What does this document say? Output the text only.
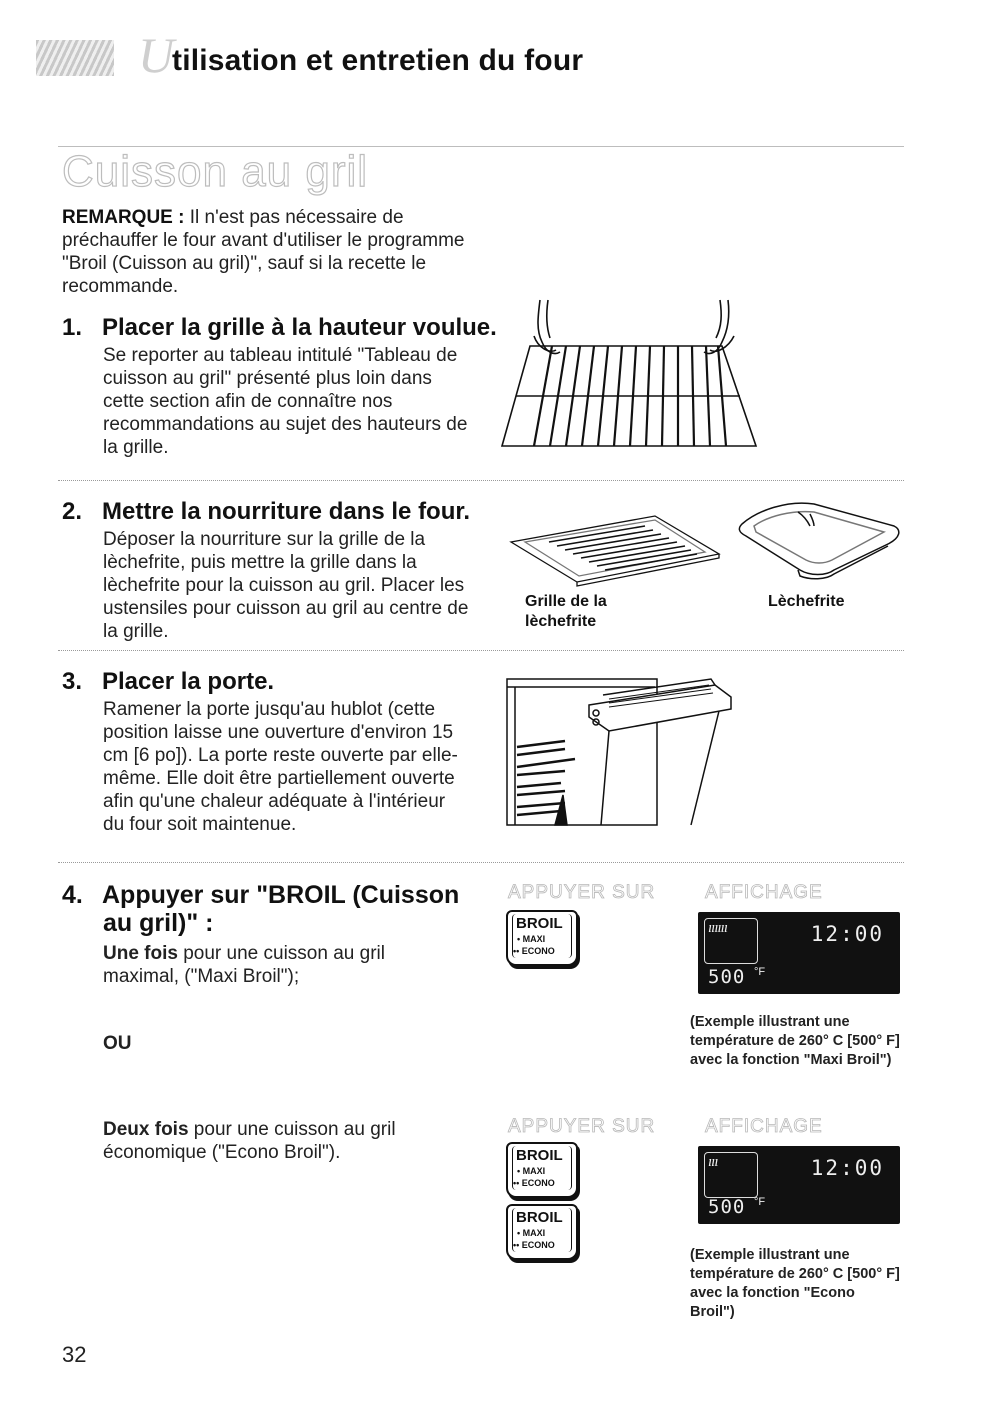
U
tilisation et entretien du four
Cuisson au gril
REMARQUE : Il n'est pas nécessaire de préchauffer le four avant d'utiliser le programme "Broil (Cuisson au gril)", sauf si la recette le recommande.
1. Placer la grille à la hauteur voulue.
Se reporter au tableau intitulé "Tableau de cuisson au gril" présenté plus loin dans cette section afin de connaître nos recommandations au sujet des hauteurs de la grille.
2. Mettre la nourriture dans le four.
Déposer la nourriture sur la grille de la lèchefrite, puis mettre la grille dans la lèchefrite pour la cuisson au gril. Placer les ustensiles pour cuisson au gril au centre de la grille.
Grille de la
lèchefrite
Lèchefrite
3. Placer la porte.
Ramener la porte jusqu'au hublot (cette position laisse une ouverture d'environ 15 cm [6 po]). La porte reste ouverte par elle-même. Elle doit être partiellement ouverte afin qu'une chaleur adéquate à l'intérieur du four soit maintenue.
4. Appuyer sur "BROIL (Cuisson
au gril)" :
Une fois pour une cuisson au gril maximal, ("Maxi Broil");
OU
Deux fois pour une cuisson au gril économique ("Econo Broil").
APPUYER SUR	AFFICHAGE
BROIL
• MAXI
•• ECONO
ıııııı	12:00
500 °F
(Exemple illustrant une température de 260° C [500° F] avec la fonction "Maxi Broil")
APPUYER SUR	AFFICHAGE
BROIL
• MAXI
•• ECONO
BROIL
• MAXI
•• ECONO
ııı	12:00
500 °F
(Exemple illustrant une température de 260° C [500° F] avec la fonction "Econo Broil")
32
